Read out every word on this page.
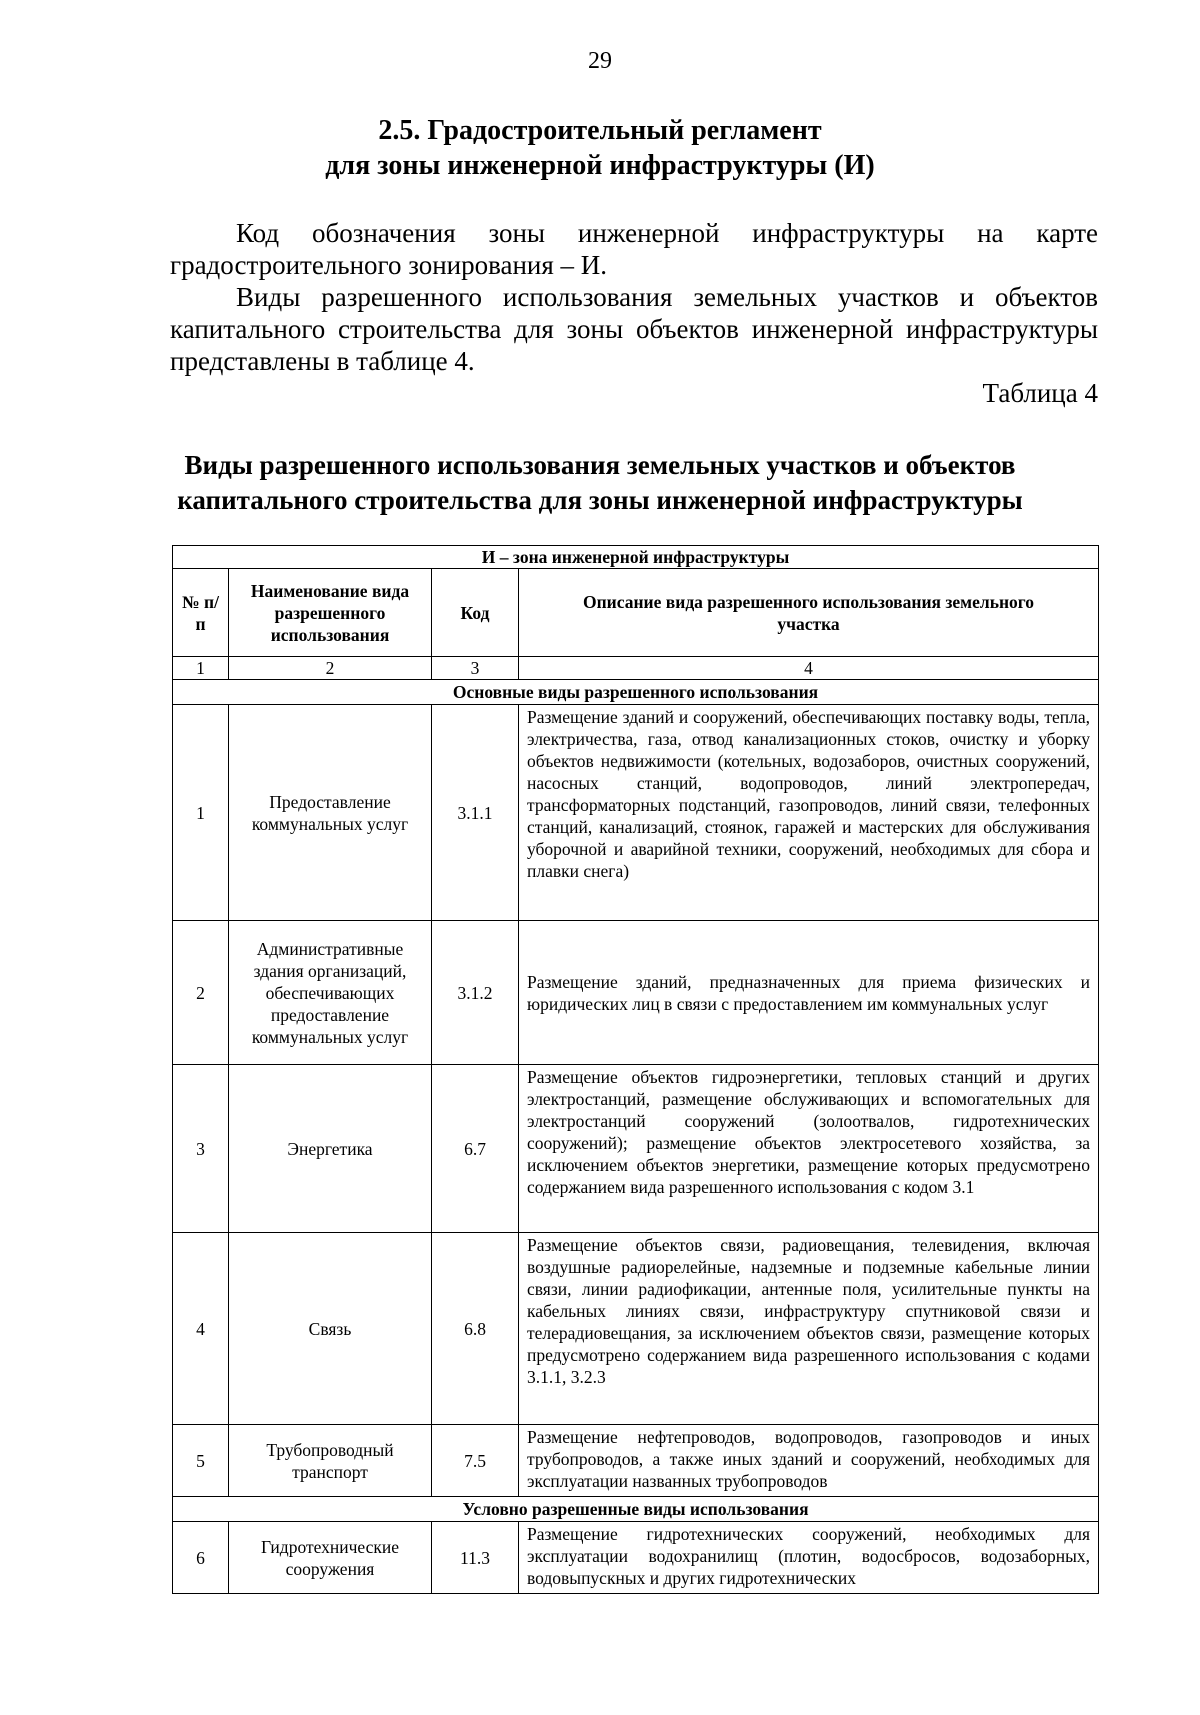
29
2.5. Градостроительный регламент
для зоны инженерной инфраструктуры (И)
Код обозначения зоны инженерной инфраструктуры на карте градостроительного зонирования – И.
Виды разрешенного использования земельных участков и объектов капитального строительства для зоны объектов инженерной инфраструктуры представлены в таблице 4.
Таблица 4
Виды разрешенного использования земельных участков и объектов
капитального строительства для зоны инженерной инфраструктуры
И – зона инженерной инфраструктуры			
№ п/п	Наименование вида разрешенного использования	Код	Описание вида разрешенного использования земельного участка
1	2	3	4
Основные виды разрешенного использования			
1	Предоставление коммунальных услуг	3.1.1	Размещение зданий и сооружений, обеспечивающих поставку воды, тепла, электричества, газа, отвод канализационных стоков, очистку и уборку объектов недвижимости (котельных, водозаборов, очистных сооружений, насосных станций, водопроводов, линий электропередач, трансформаторных подстанций, газопроводов, линий связи, телефонных станций, канализаций, стоянок, гаражей и мастерских для обслуживания уборочной и аварийной техники, сооружений, необходимых для сбора и плавки снега)
2	Административные здания организаций, обеспечивающих предоставление коммунальных услуг	3.1.2	Размещение зданий, предназначенных для приема физических и юридических лиц в связи с предоставлением им коммунальных услуг
3	Энергетика	6.7	Размещение объектов гидроэнергетики, тепловых станций и других электростанций, размещение обслуживающих и вспомогательных для электростанций сооружений (золоотвалов, гидротехнических сооружений); размещение объектов электросетевого хозяйства, за исключением объектов энергетики, размещение которых предусмотрено содержанием вида разрешенного использования с кодом 3.1
4	Связь	6.8	Размещение объектов связи, радиовещания, телевидения, включая воздушные радиорелейные, надземные и подземные кабельные линии связи, линии радиофикации, антенные поля, усилительные пункты на кабельных линиях связи, инфраструктуру спутниковой связи и телерадиовещания, за исключением объектов связи, размещение которых предусмотрено содержанием вида разрешенного использования с кодами 3.1.1, 3.2.3
5	Трубопроводный транспорт	7.5	Размещение нефтепроводов, водопроводов, газопроводов и иных трубопроводов, а также иных зданий и сооружений, необходимых для эксплуатации названных трубопроводов
Условно разрешенные виды использования			
6	Гидротехнические сооружения	11.3	Размещение гидротехнических сооружений, необходимых для эксплуатации водохранилищ (плотин, водосбросов, водозаборных, водовыпускных и других гидротехнических
